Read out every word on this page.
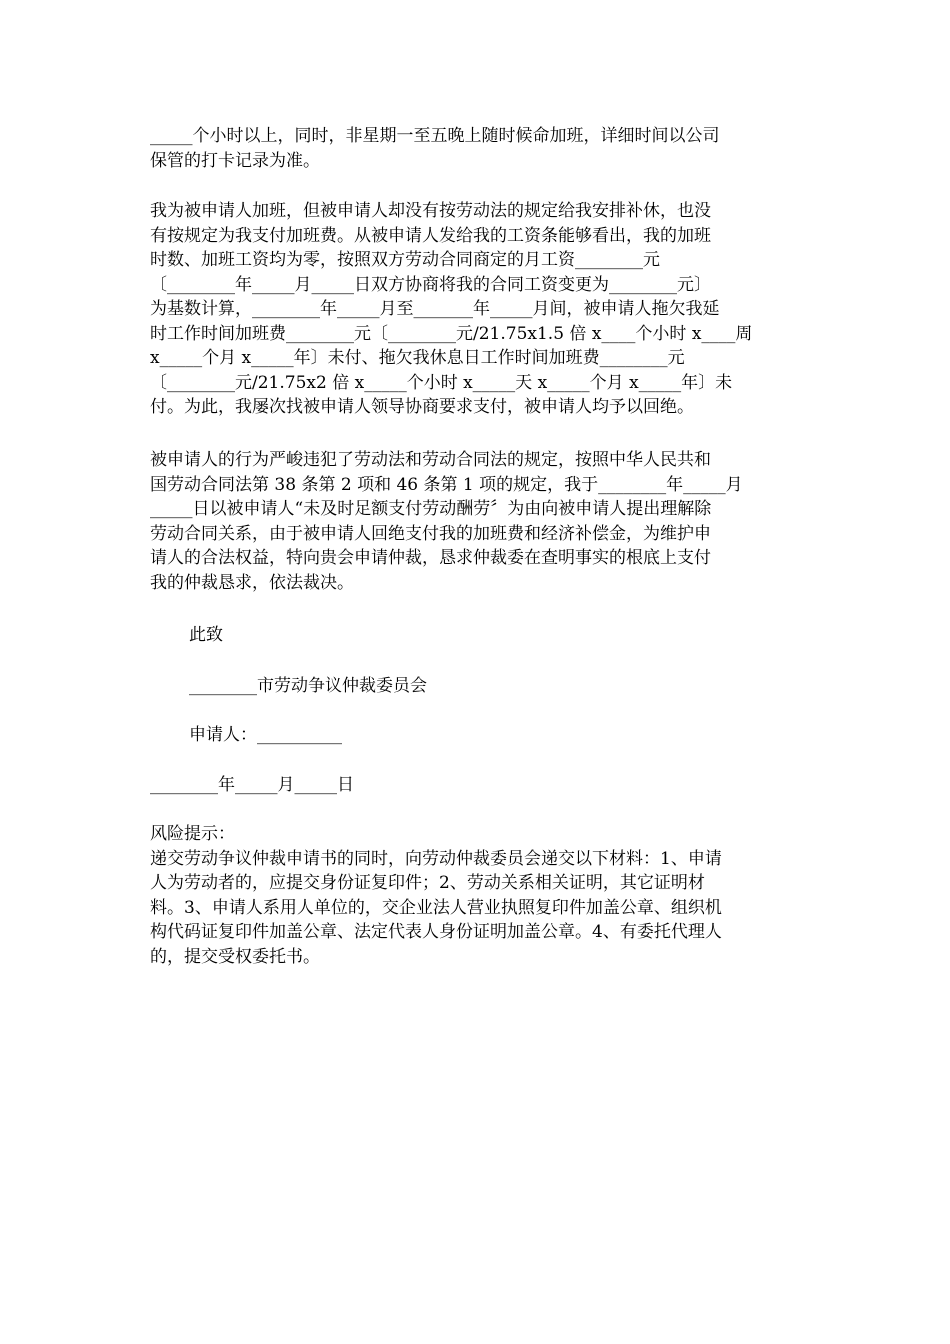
_____个小时以上，同时，非星期一至五晚上随时候命加班，详细时间以公司
保管的打卡记录为准。
我为被申请人加班，但被申请人却没有按劳动法的规定给我安排补休，也没
有按规定为我支付加班费。从被申请人发给我的工资条能够看出，我的加班
时数、加班工资均为零，按照双方劳动合同商定的月工资________元
〔________年_____月_____日双方协商将我的合同工资变更为________元〕
为基数计算，________年_____月至_______年_____月间，被申请人拖欠我延
时工作时间加班费________元〔________元/21.75x1.5 倍 x____个小时 x____周
x_____个月 x_____年〕未付、拖欠我休息日工作时间加班费________元
〔________元/21.75x2 倍 x_____个小时 x_____天 x_____个月 x_____年〕未
付。为此，我屡次找被申请人领导协商要求支付，被申请人均予以回绝。
被申请人的行为严峻违犯了劳动法和劳动合同法的规定，按照中华人民共和
国劳动合同法第 38 条第 2 项和 46 条第 1 项的规定，我于________年_____月
_____日以被申请人“未及时足额支付劳动酬劳〞为由向被申请人提出理解除
劳动合同关系，由于被申请人回绝支付我的加班费和经济补偿金，为维护申
请人的合法权益，特向贵会申请仲裁，恳求仲裁委在查明事实的根底上支付
我的仲裁恳求，依法裁决。
此致
________市劳动争议仲裁委员会
申请人：__________
________年_____月_____日
风险提示：
递交劳动争议仲裁申请书的同时，向劳动仲裁委员会递交以下材料：1、申请
人为劳动者的，应提交身份证复印件；2、劳动关系相关证明，其它证明材
料。3、申请人系用人单位的，交企业法人营业执照复印件加盖公章、组织机
构代码证复印件加盖公章、法定代表人身份证明加盖公章。4、有委托代理人
的，提交受权委托书。
